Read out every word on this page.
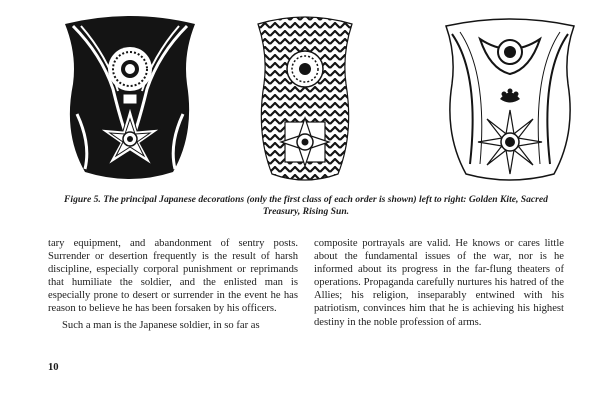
Figure 5. The principal Japanese decorations (only the first class of each order is shown) left to right: Golden Kite, Sacred Treasury, Rising Sun.

tary equipment, and abandonment of sentry posts. Surrender or desertion frequently is the result of harsh discipline, especially corporal punishment or reprimands that humiliate the soldier, and the enlisted man is especially prone to desert or surrender in the event he has reason to believe he has been forsaken by his officers.

Such a man is the Japanese soldier, in so far as

composite portrayals are valid. He knows or cares little about the fundamental issues of the war, nor is he informed about its progress in the far-flung theaters of operations. Propaganda carefully nurtures his hatred of the Allies; his religion, inseparably entwined with his patriotism, convinces him that he is achieving his highest destiny in the noble profession of arms.

10
